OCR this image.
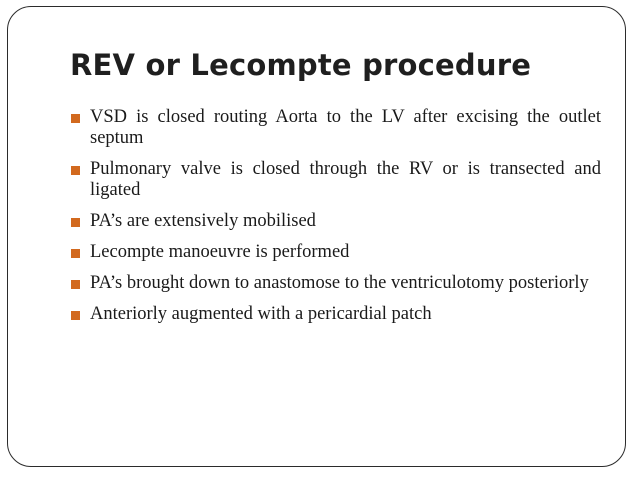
REV or Lecompte procedure
VSD is closed routing Aorta to the LV after excising the outlet septum
Pulmonary valve is closed through the RV or is transected and ligated
PA’s are extensively mobilised
Lecompte manoeuvre is performed
PA’s brought down to anastomose to the ventriculotomy posteriorly
Anteriorly augmented with a pericardial patch
